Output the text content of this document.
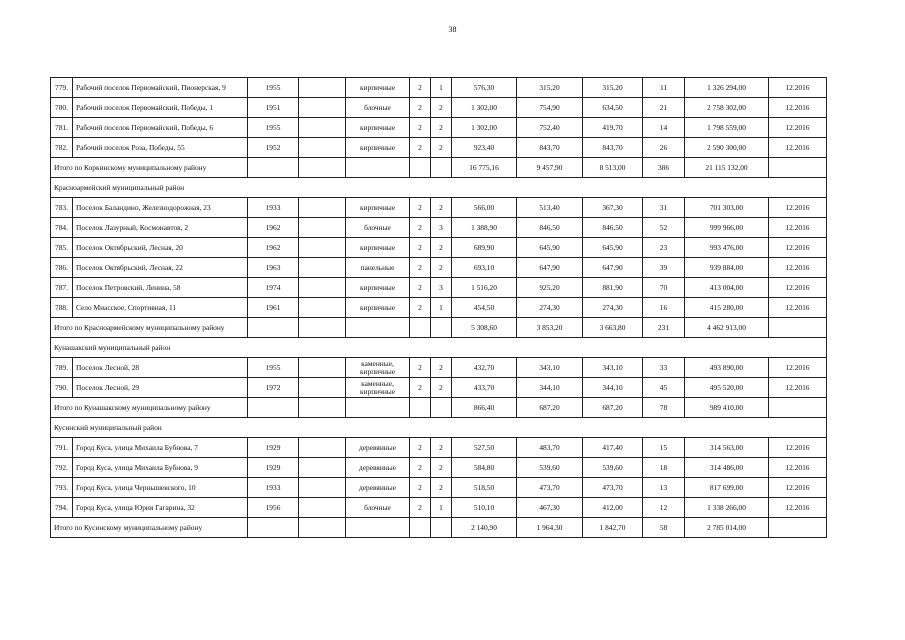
38
779.	Рабочий поселок Первомайский, Пионерская, 9	1955		кирпичные	2	1	576,30	315,20	315,20	11	1 326 294,00	12.2016
780.	Рабочий поселок Первомайский, Победы, 1	1951		блочные	2	2	1 302,00	754,90	634,50	21	2 758 302,00	12.2016
781.	Рабочий поселок Первомайский, Победы, 6	1955		кирпичные	2	2	1 302,00	752,40	419,70	14	1 798 559,00	12.2016
782.	Рабочий поселок Роза, Победы, 55	1952		кирпичные	2	2	923,40	843,70	843,70	26	2 590 300,00	12.2016
Итого по Коркинскому муниципальному району							16 775,16	9 457,90	8 513,00	386	21 115 132,00	
Красноармейский муниципальный район												
783.	Поселок Баландино, Железнодорожная, 23	1933		кирпичные	2	2	566,00	513,40	367,30	31	701 303,00	12.2016
784.	Поселок Лазурный, Космонавтов, 2	1962		блочные	2	3	1 388,90	846,50	846,50	52	999 966,00	12.2016
785.	Поселок Октябрьский, Лесная, 20	1962		кирпичные	2	2	689,90	645,90	645,90	23	993 476,00	12.2016
786.	Поселок Октябрьский, Лесная, 22	1963		панельные	2	2	693,10	647,90	647,90	39	939 884,00	12.2016
787.	Поселок Петровский, Ленина, 58	1974		кирпичные	2	3	1 516,20	925,20	881,90	70	413 004,00	12.2016
788.	Село Миасское, Спортивная, 11	1961		кирпичные	2	1	454,50	274,30	274,30	16	415 280,00	12.2016
Итого по Красноармейскому муниципальному району							5 308,60	3 853,20	3 663,80	231	4 462 913,00	
Кунашакский муниципальный район												
789.	Поселок Лесной, 28	1955		каменные, кирпичные	2	2	432,70	343,10	343,10	33	493 890,00	12.2016
790.	Поселок Лесной, 29	1972		каменные, кирпичные	2	2	433,70	344,10	344,10	45	495 520,00	12.2016
Итого по Кунашакскому муниципальному району							866,40	687,20	687,20	78	989 410,00	
Кусинский муниципальный район												
791.	Город Куса, улица Михаила Бубнова, 7	1929		деревянные	2	2	527,50	483,70	417,40	15	314 563,00	12.2016
792.	Город Куса, улица Михаила Бубнова, 9	1929		деревянные	2	2	584,80	539,60	539,60	18	314 486,00	12.2016
793.	Город Куса, улица Чернышевского, 10	1933		деревянные	2	2	518,50	473,70	473,70	13	817 699,00	12.2016
794.	Город Куса, улица Юрия Гагарина, 32	1956		блочные	2	1	510,10	467,30	412,00	12	1 338 266,00	12.2016
Итого по Кусинскому муниципальному району							2 140,90	1 964,30	1 842,70	58	2 785 014,00	
